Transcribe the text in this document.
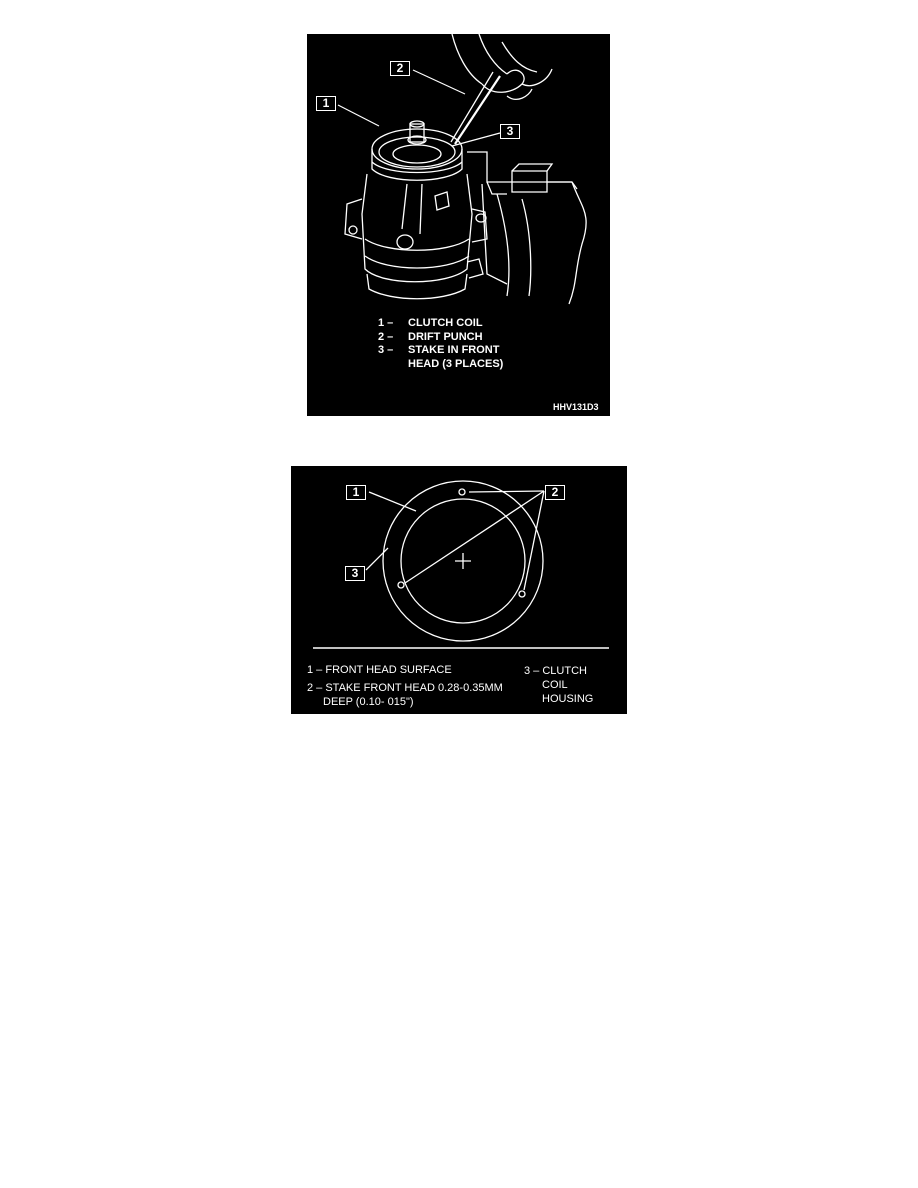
1
2
3
1 – CLUTCH COIL
2 – DRIFT PUNCH
3 – STAKE IN FRONT
HEAD (3 PLACES)
HHV131D3
1	2
3
1 – FRONT HEAD SURFACE
2 – STAKE FRONT HEAD 0.28-0.35MM
DEEP (0.10- 015")
3 – CLUTCH
COIL
HOUSING
